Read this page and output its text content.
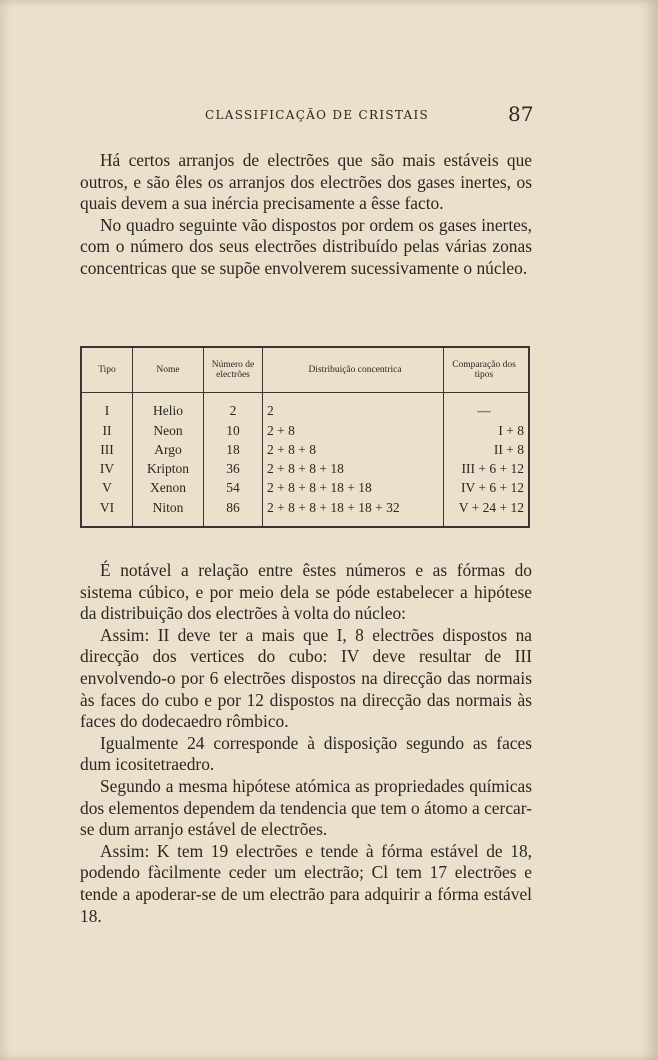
CLASSIFICAÇÃO DE CRISTAIS	87

Há certos arranjos de electrões que são mais estáveis que outros, e são êles os arranjos dos electrões dos gases inertes, os quais devem a sua inércia precisamente a êsse facto.

No quadro seguinte vão dispostos por ordem os gases inertes, com o número dos seus electrões distribuído pelas várias zonas concentricas que se supõe envolverem sucessivamente o núcleo.

Tipo	Nome	Número de electrões	Distribuição concentrica	Comparação dos tipos

I	Helio	2	2	—
II	Neon	10	2 + 8	I + 8
III	Argo	18	2 + 8 + 8	II + 8
IV	Kripton	36	2 + 8 + 8 + 18	III + 6 + 12
V	Xenon	54	2 + 8 + 8 + 18 + 18	IV + 6 + 12
VI	Niton	86	2 + 8 + 8 + 18 + 18 + 32	V + 24 + 12

É notável a relação entre êstes números e as fórmas do sistema cúbico, e por meio dela se póde estabelecer a hipótese da distribuição dos electrões à volta do núcleo:

Assim: II deve ter a mais que I, 8 electrões dispostos na direcção dos vertices do cubo: IV deve resultar de III envolvendo-o por 6 electrões dispostos na direcção das normais às faces do cubo e por 12 dispostos na direcção das normais às faces do dodecaedro rômbico.

Igualmente 24 corresponde à disposição segundo as faces dum icositetraedro.

Segundo a mesma hipótese atómica as propriedades químicas dos elementos dependem da tendencia que tem o átomo a cercar-se dum arranjo estável de electrões.

Assim: K tem 19 electrões e tende à fórma estável de 18, podendo fàcilmente ceder um electrão; Cl tem 17 electrões e tende a apoderar-se de um electrão para adquirir a fórma estável 18.
